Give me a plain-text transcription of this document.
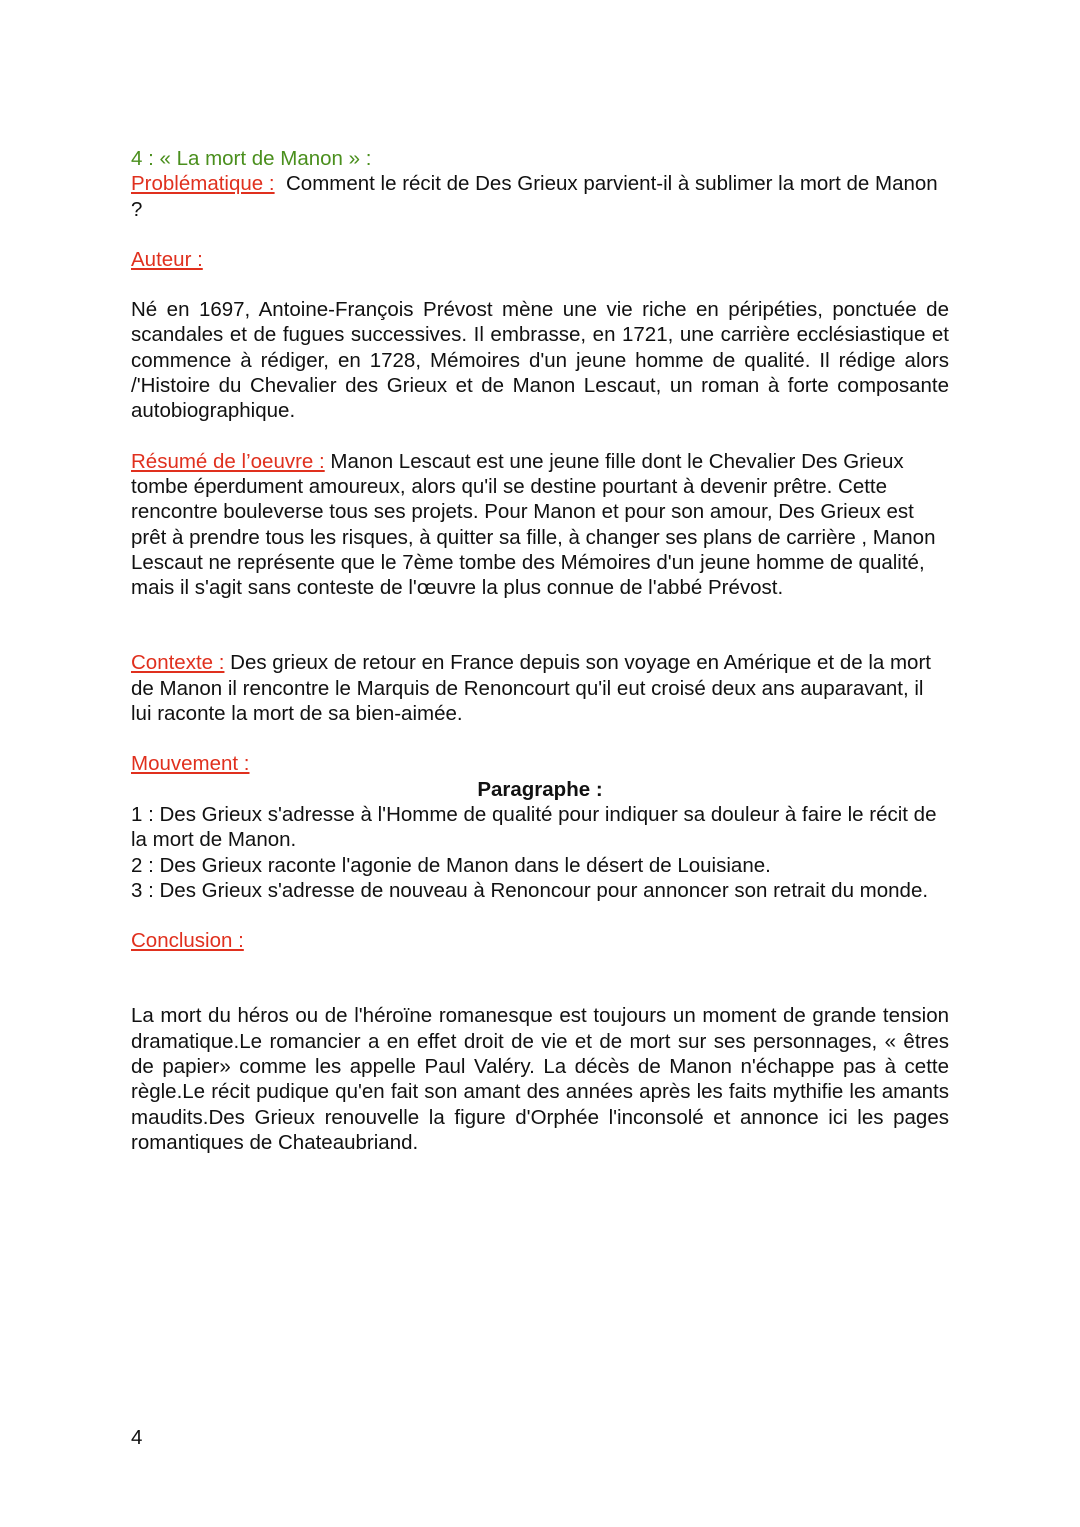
4 : « La mort de Manon » :

Problématique : Comment le récit de Des Grieux parvient-il à sublimer la mort de Manon ?

Auteur :

Né en 1697, Antoine-François Prévost mène une vie riche en péripéties, ponctuée de scandales et de fugues successives. Il embrasse, en 1721, une carrière ecclésiastique et commence à rédiger, en 1728, Mémoires d'un jeune homme de qualité. Il rédige alors /'Histoire du Chevalier des Grieux et de Manon Lescaut, un roman à forte composante autobiographique.

Résumé de l’oeuvre : Manon Lescaut est une jeune fille dont le Chevalier Des Grieux tombe éperdument amoureux, alors qu'il se destine pourtant à devenir prêtre. Cette rencontre bouleverse tous ses projets. Pour Manon et pour son amour, Des Grieux est prêt à prendre tous les risques, à quitter sa fille, à changer ses plans de carrière , Manon Lescaut ne représente que le 7ème tombe des Mémoires d'un jeune homme de qualité, mais il s'agit sans conteste de l'œuvre la plus connue de l'abbé Prévost.

Contexte : Des grieux de retour en France depuis son voyage en Amérique et de la mort de Manon il rencontre le Marquis de Renoncourt qu'il eut croisé deux ans auparavant, il lui raconte la mort de sa bien-aimée.

Mouvement :
Paragraphe :
1 : Des Grieux s'adresse à l'Homme de qualité pour indiquer sa douleur à faire le récit de la mort de Manon.
2 : Des Grieux raconte l'agonie de Manon dans le désert de Louisiane.
3 : Des Grieux s'adresse de nouveau à Renoncour pour annoncer son retrait du monde.
Conclusion :

La mort du héros ou de l'héroïne romanesque est toujours un moment de grande tension dramatique.Le romancier a en effet droit de vie et de mort sur ses personnages, « êtres de papier» comme les appelle Paul Valéry. La décès de Manon n'échappe pas à cette règle.Le récit pudique qu'en fait son amant des années après les faits mythifie les amants maudits.Des Grieux renouvelle la figure d'Orphée l'inconsolé et annonce ici les pages romantiques de Chateaubriand.

4
